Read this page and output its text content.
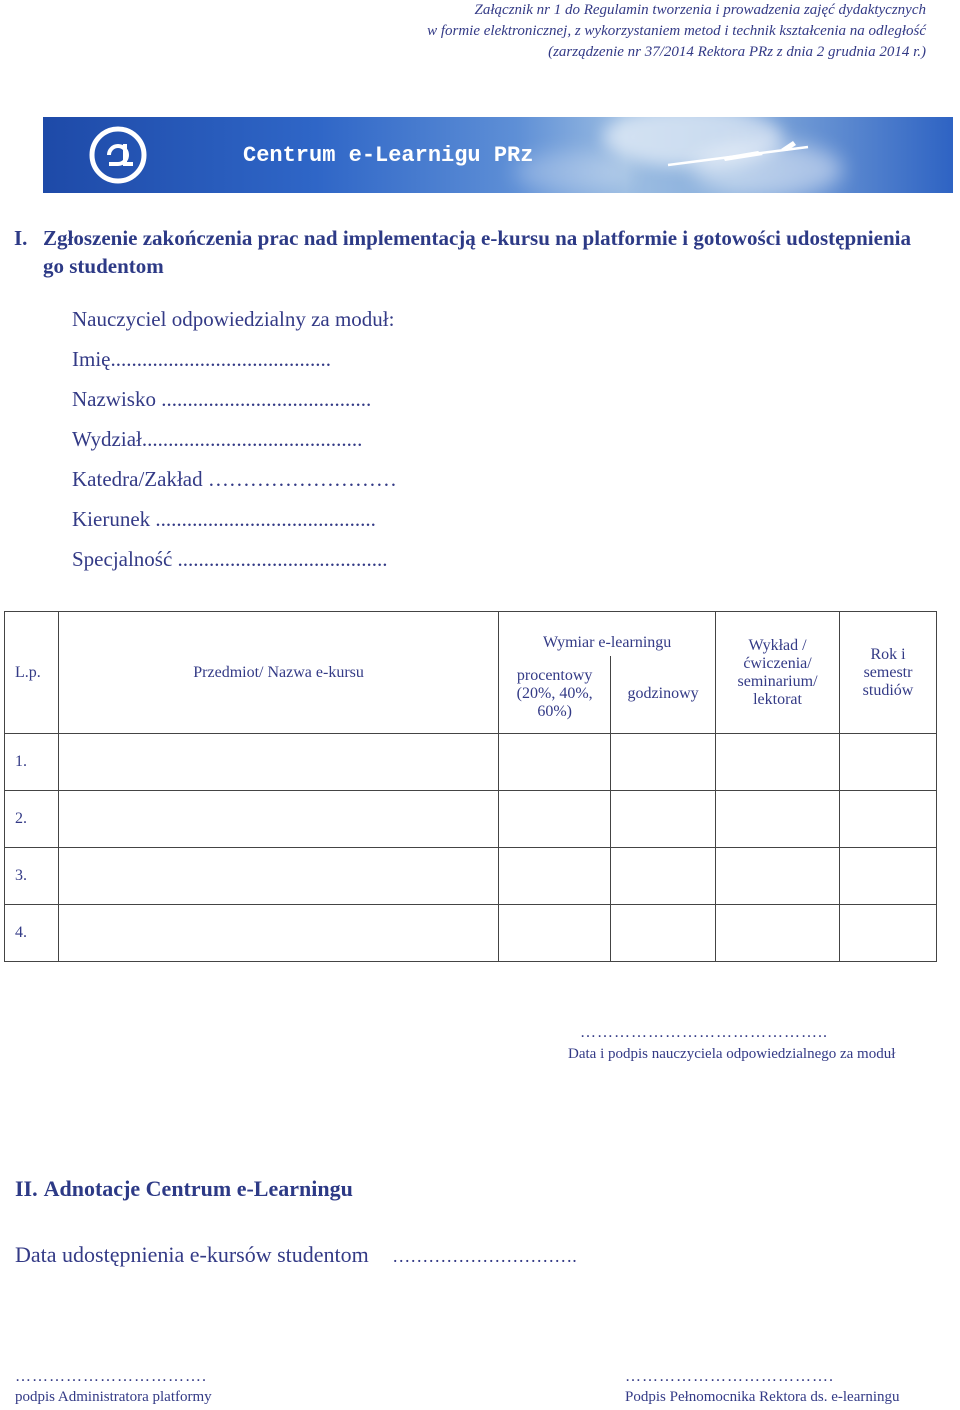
Załącznik nr 1 do Regulamin tworzenia i prowadzenia zajęć dydaktycznych
w formie elektronicznej, z wykorzystaniem metod i technik kształcenia na odległość
(zarządzenie nr 37/2014 Rektora PRz z dnia 2 grudnia 2014 r.)
Centrum e-Learnigu PRz
I. Zgłoszenie zakończenia prac nad implementacją e-kursu na platformie i gotowości udostępnienia go studentom
Nauczyciel odpowiedzialny za moduł:
Imię..........................................
Nazwisko ........................................
Wydział..........................................
Katedra/Zakład ………………………
Kierunek ..........................................
Specjalność ........................................
L.p.	Przedmiot/ Nazwa e-kursu	Wymiar e-learningu		Wykład /ćwiczenia/ seminarium/ lektorat	Rok i semestr studiów
		procentowy (20%, 40%, 60%)	godzinowy		
1.					
2.					
3.					
4.					
……………………………………..
Data i podpis nauczyciela odpowiedzialnego za moduł
II. Adnotacje Centrum e-Learningu
Data udostępnienia e-kursów studentom ………………………….
…………………………….
podpis Administratora platformy
……………………………….
Podpis Pełnomocnika Rektora ds. e-learningu
